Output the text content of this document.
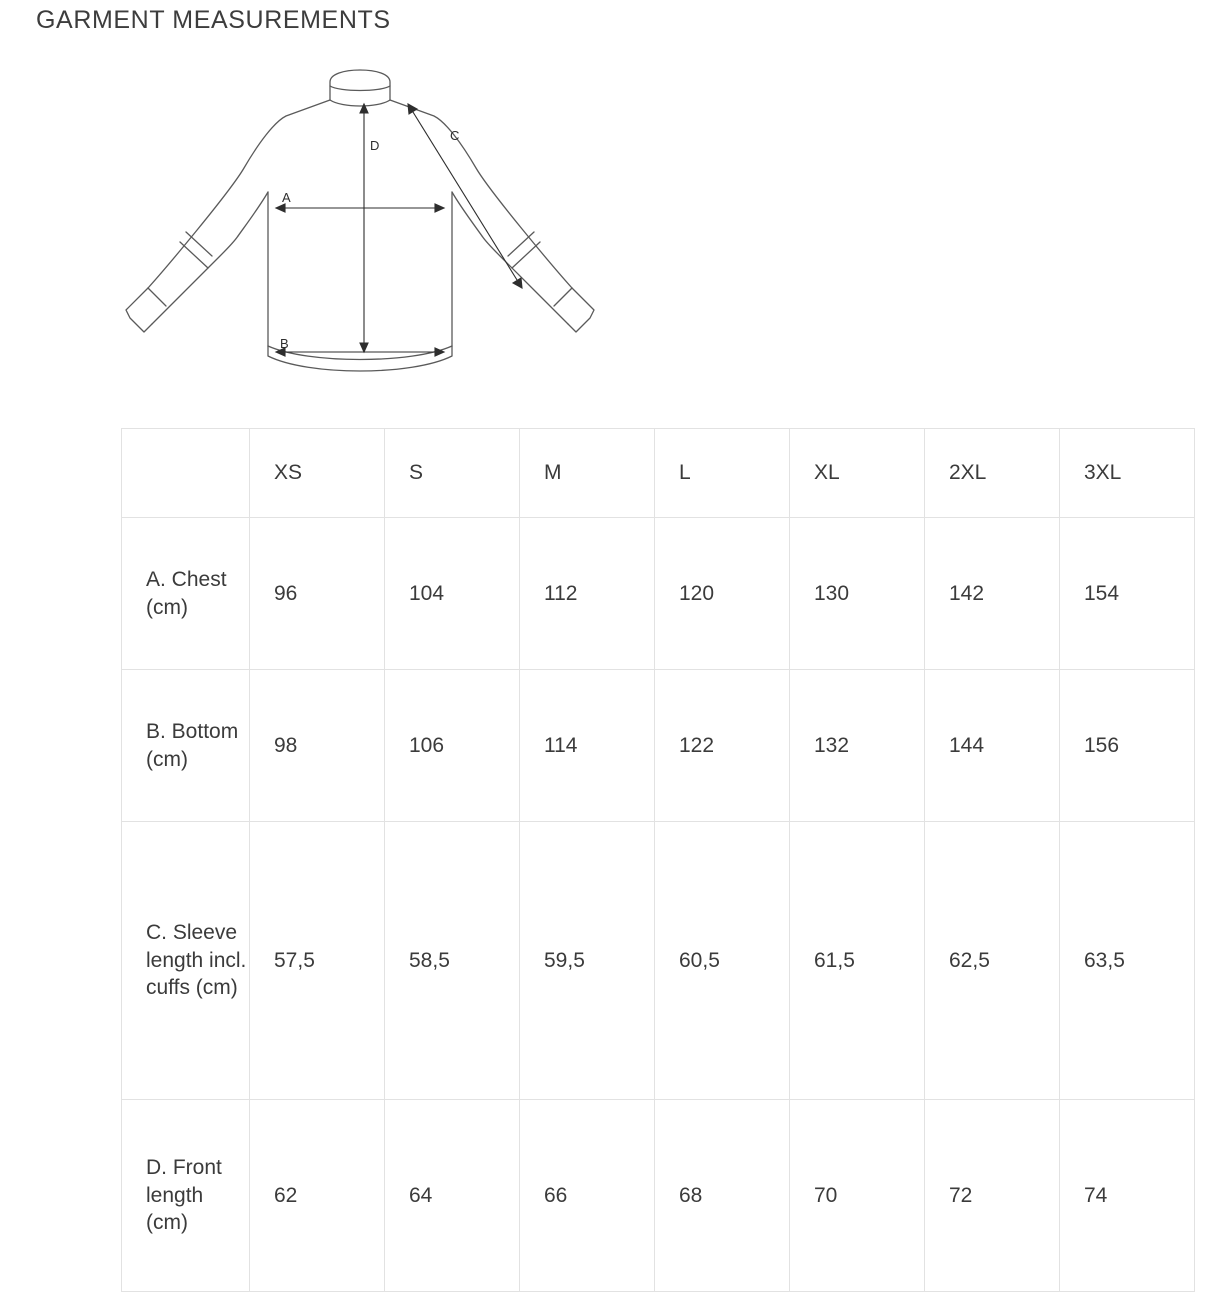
GARMENT MEASUREMENTS
A
B
C
D
	XS	S	M	L	XL	2XL	3XL
A. Chest (cm)	96	104	112	120	130	142	154
B. Bottom (cm)	98	106	114	122	132	144	156
C. Sleeve length incl. cuffs (cm)	57,5	58,5	59,5	60,5	61,5	62,5	63,5
D. Front length (cm)	62	64	66	68	70	72	74
